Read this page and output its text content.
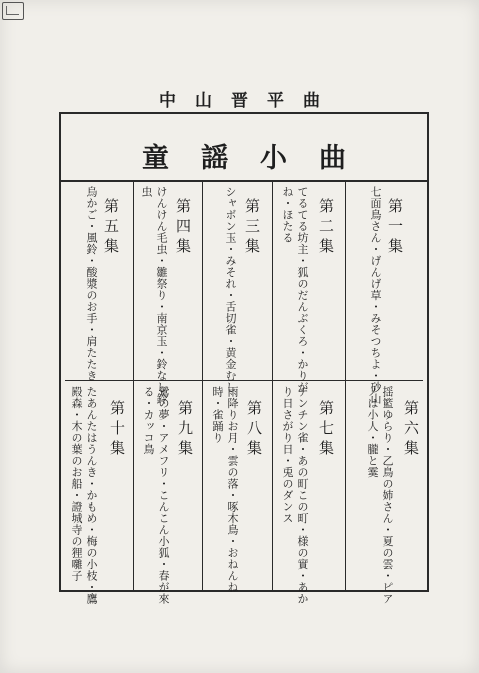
中山晋平曲
童謡小曲
第一集
七面鳥さん・げんげ草・みそつちよ・砂山
第二集
てるてる坊主・狐のだんぶくろ・かりがね・ほたる
第三集
シャボン玉・みそれ・舌切雀・黄金むし
第四集
けんけん毛虫・雛祭り・南京玉・鈴なし鈴虫
第五集
烏かご・風鈴・酸漿のお手・肩たたき
第六集
揺籃ゆらり・乙鳥の姉さん・夏の雲・ピアノは小人・朧と霙
第七集
チンチン雀・あの町この町・様の實・あかり日さがり日・兎のダンス
第八集
雨降りお月・雲の落・啄木鳥・おねんね時・雀踊り
第九集
鶯の夢・アメフリ・こんこん小狐・春が來る・カッコ鳥
第十集
たあんたはうんき・かもめ・梅の小枝・鷹殿森・木の葉のお船・證城寺の狸囃子
